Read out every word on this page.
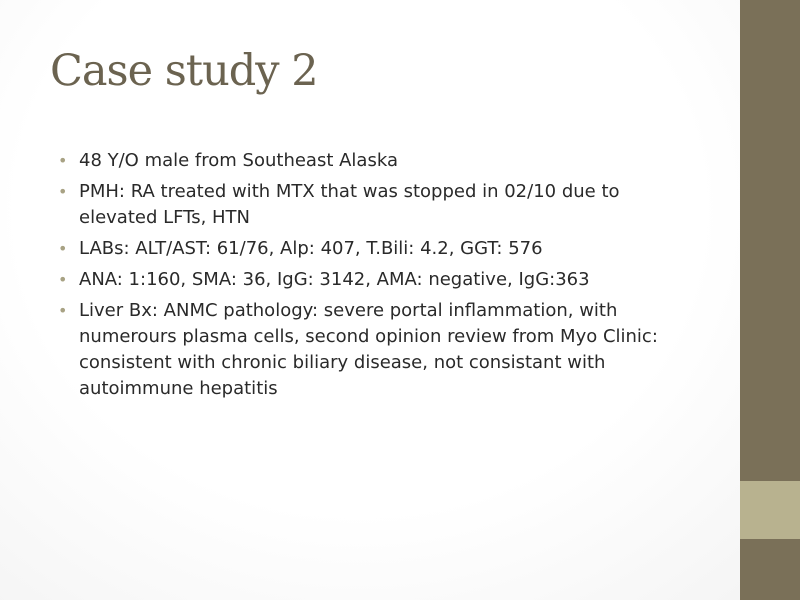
Case study 2
• 48 Y/O male from Southeast Alaska
• PMH: RA treated with MTX that was stopped in 02/10 due to elevated LFTs, HTN
• LABs: ALT/AST: 61/76, Alp: 407, T.Bili: 4.2, GGT: 576
• ANA: 1:160, SMA: 36, IgG: 3142, AMA: negative, IgG:363
• Liver Bx: ANMC pathology: severe portal inflammation, with numerours plasma cells, second opinion review from Myo Clinic: consistent with chronic biliary disease, not consistant with autoimmune hepatitis
